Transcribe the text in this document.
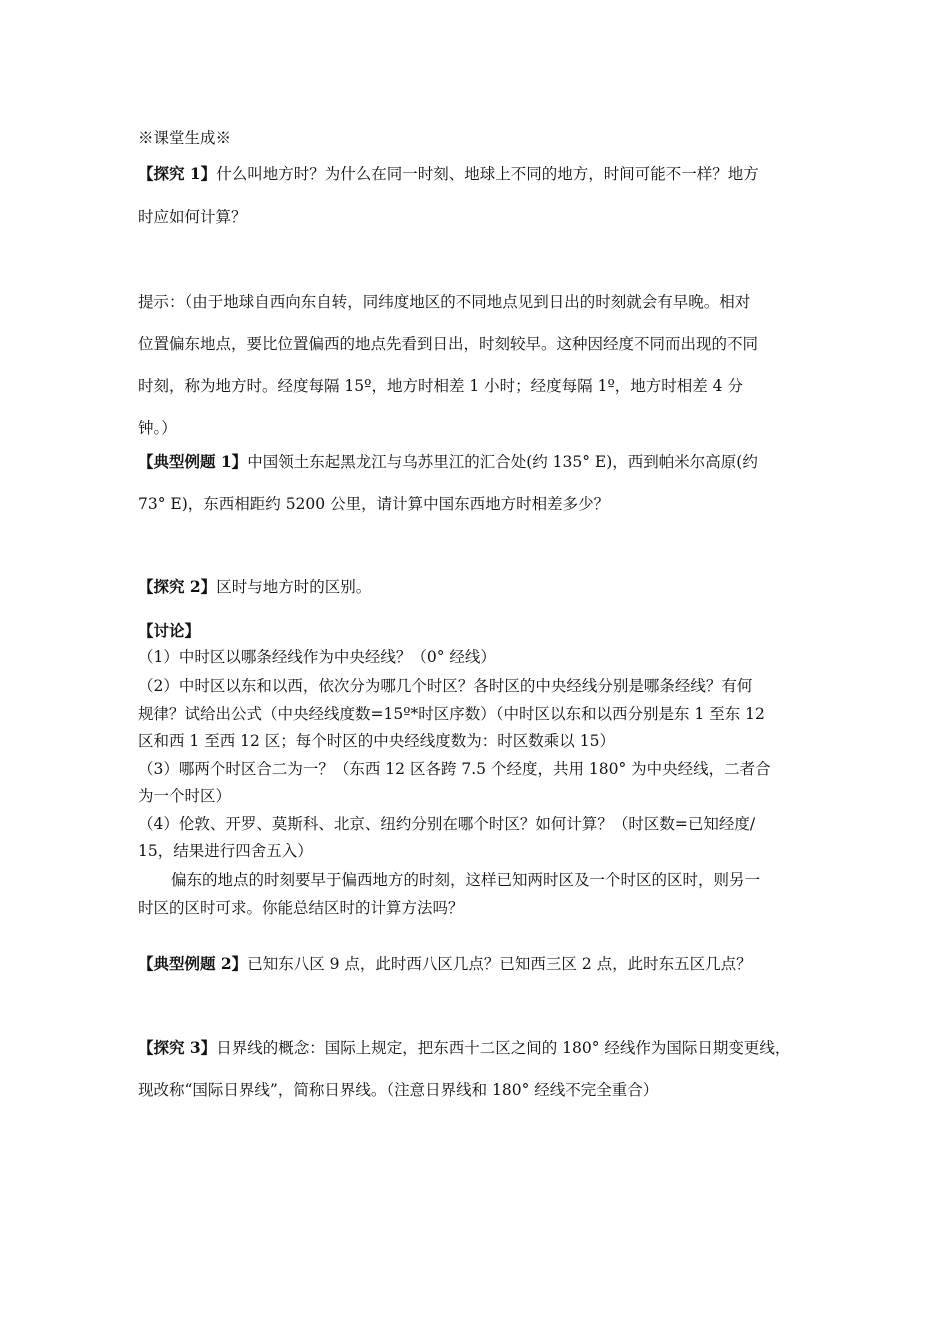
※课堂生成※

【探究 1】什么叫地方时？为什么在同一时刻、地球上不同的地方，时间可能不一样？地方

时应如何计算？

提示：（由于地球自西向东自转，同纬度地区的不同地点见到日出的时刻就会有早晚。相对

位置偏东地点，要比位置偏西的地点先看到日出，时刻较早。这种因经度不同而出现的不同

时刻，称为地方时。经度每隔 15º，地方时相差 1 小时；经度每隔 1º，地方时相差 4 分

钟。）

【典型例题 1】中国领土东起黑龙江与乌苏里江的汇合处(约 135° E)，西到帕米尔高原(约

73° E)，东西相距约 5200 公里，请计算中国东西地方时相差多少？

【探究 2】区时与地方时的区别。

【讨论】

（1）中时区以哪条经线作为中央经线？（0° 经线）

（2）中时区以东和以西，依次分为哪几个时区？各时区的中央经线分别是哪条经线？有何

规律？试给出公式（中央经线度数=15º*时区序数）（中时区以东和以西分别是东 1 至东 12

区和西 1 至西 12 区；每个时区的中央经线度数为：时区数乘以 15）

（3）哪两个时区合二为一？（东西 12 区各跨 7.5 个经度，共用 180° 为中央经线，二者合

为一个时区）

（4）伦敦、开罗、莫斯科、北京、纽约分别在哪个时区？如何计算？（时区数=已知经度/

15，结果进行四舍五入）

偏东的地点的时刻要早于偏西地方的时刻，这样已知两时区及一个时区的区时，则另一

时区的区时可求。你能总结区时的计算方法吗？

【典型例题 2】已知东八区 9 点，此时西八区几点？已知西三区 2 点，此时东五区几点？

【探究 3】日界线的概念：国际上规定，把东西十二区之间的 180° 经线作为国际日期变更线，

现改称“国际日界线”，简称日界线。（注意日界线和 180° 经线不完全重合）
